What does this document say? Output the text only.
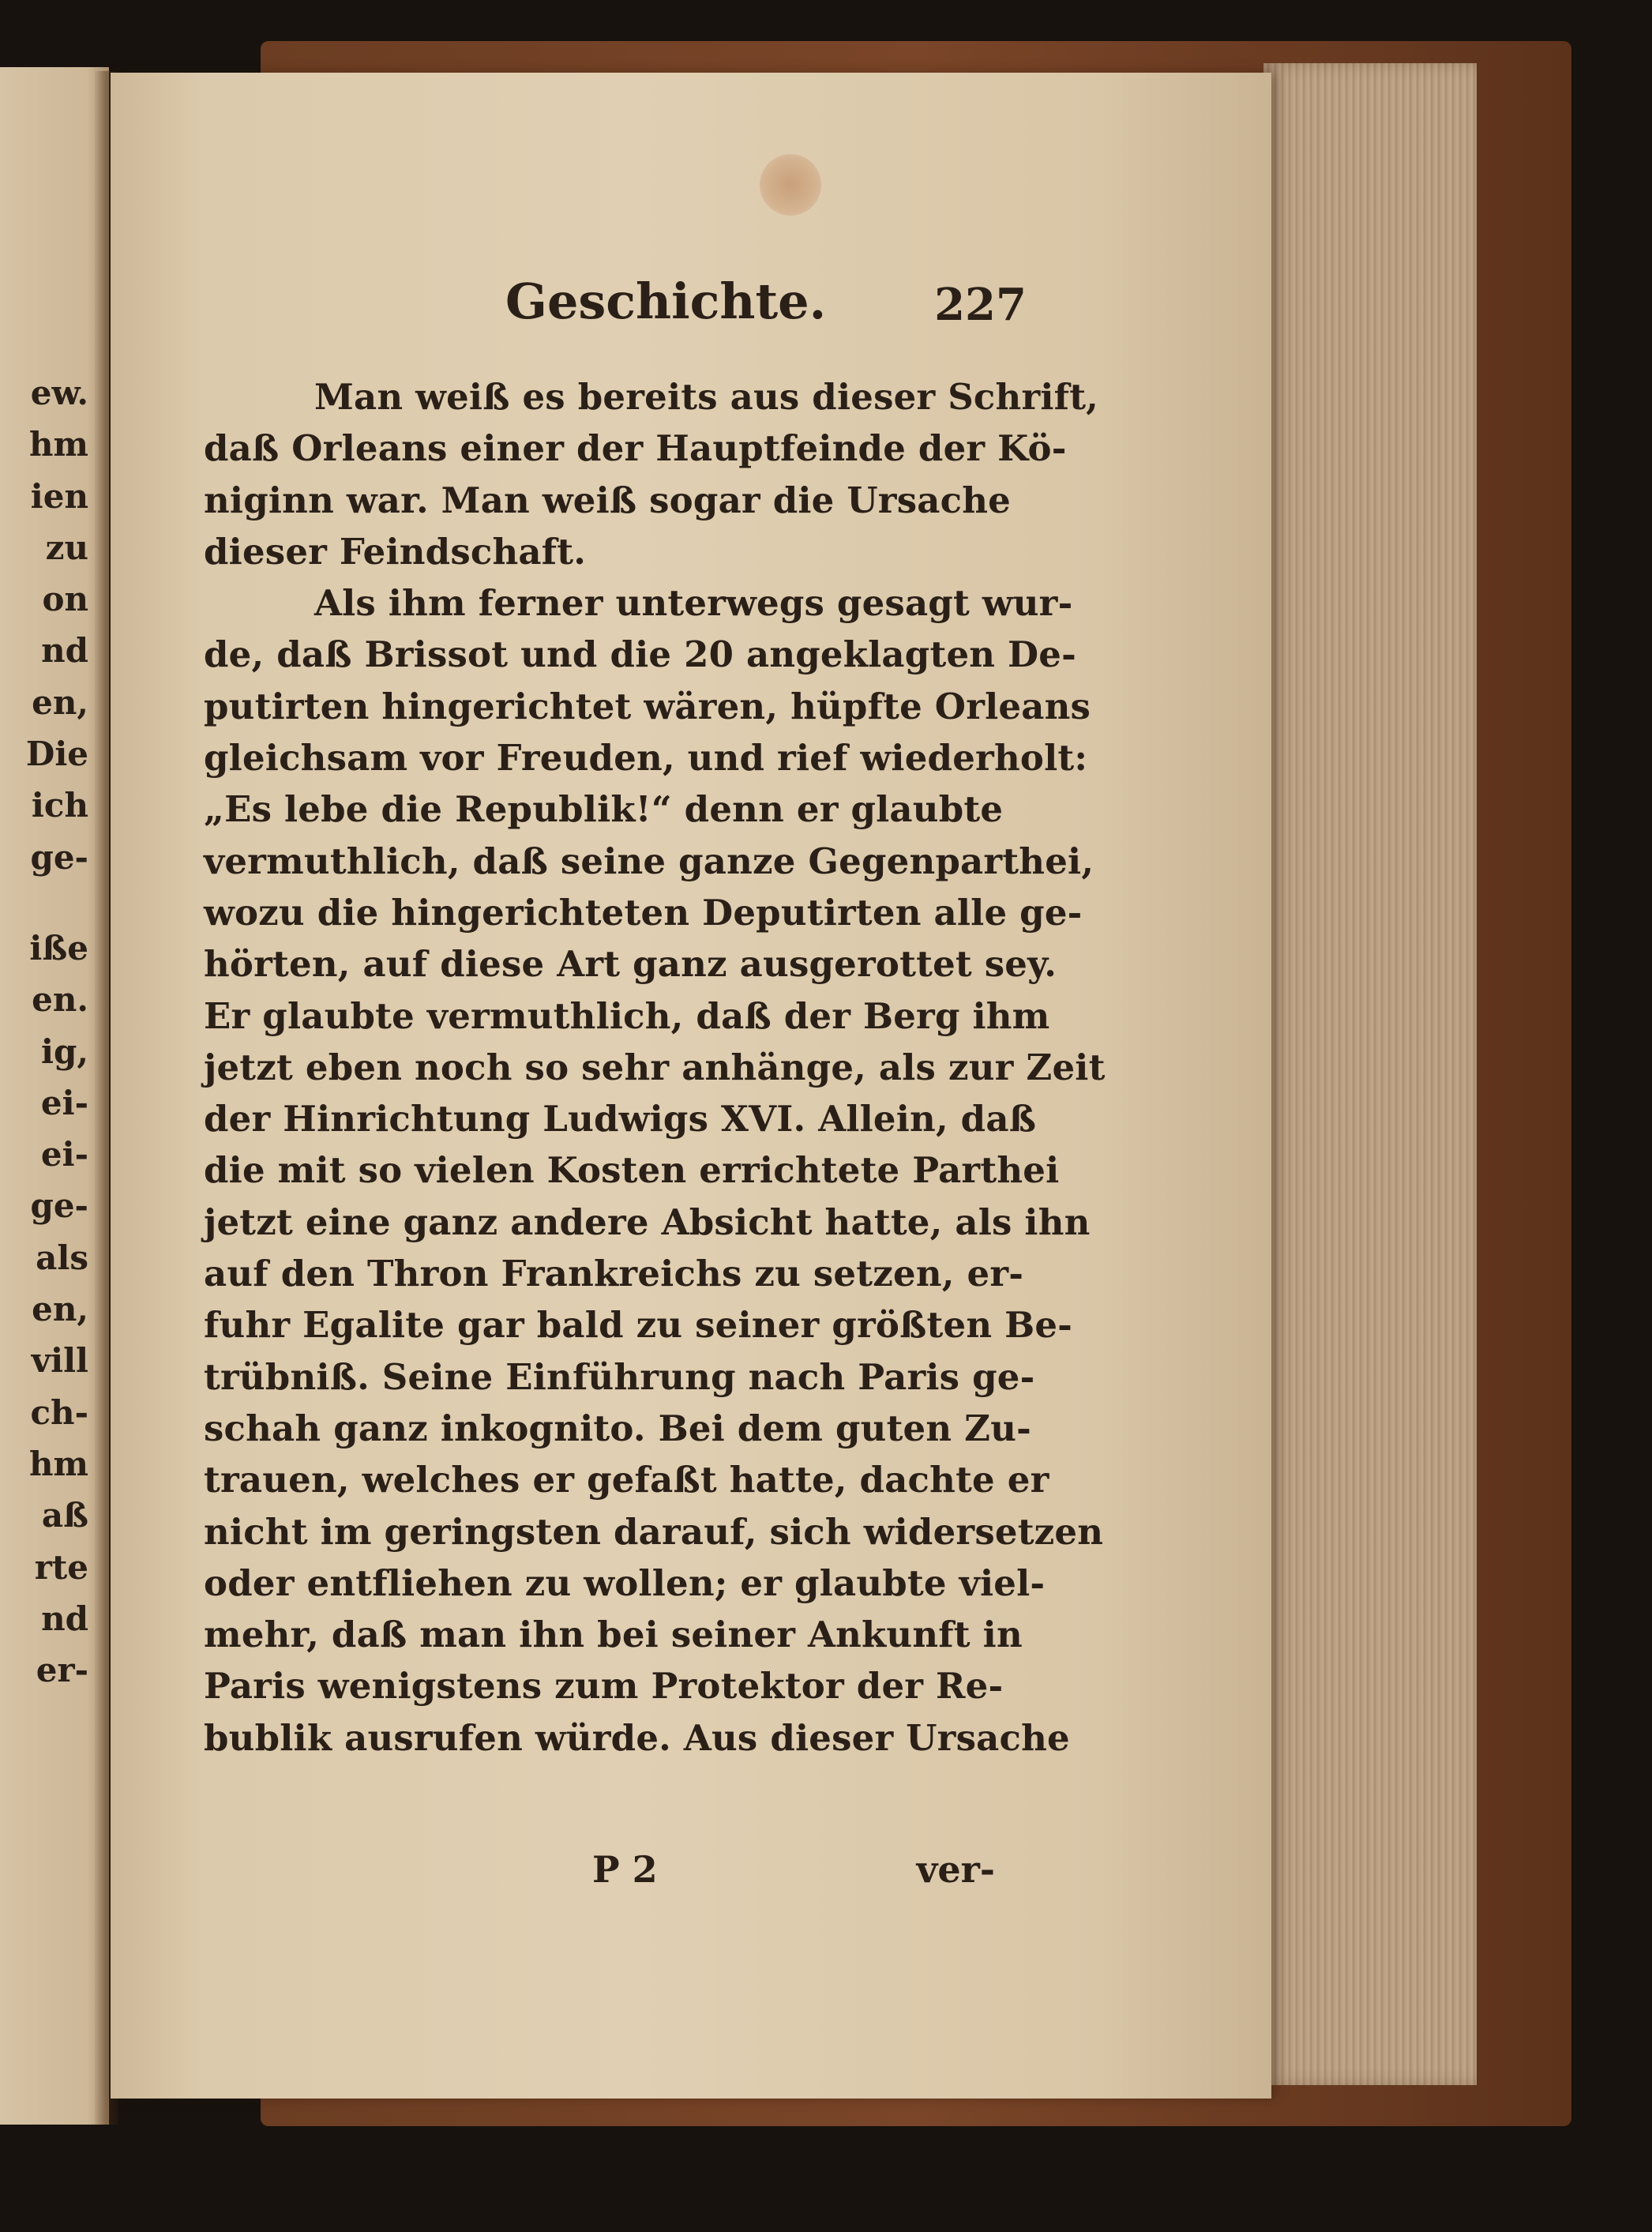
ew.
hm
ien
zu
on
nd
en,
Die
ich
ge-
iße
en.
ig,
ei-
ei-
ge-
als
en,
vill
ch-
hm
aß
rte
nd
er-
Geschichte. 227
Man weiß es bereits aus dieser Schrift,
daß Orleans einer der Hauptfeinde der Kö-
niginn war. Man weiß sogar die Ursache
dieser Feindschaft.
Als ihm ferner unterwegs gesagt wur-
de, daß Brissot und die 20 angeklagten De-
putirten hingerichtet wären, hüpfte Orleans
gleichsam vor Freuden, und rief wiederholt:
„Es lebe die Republik!“ denn er glaubte
vermuthlich, daß seine ganze Gegenparthei,
wozu die hingerichteten Deputirten alle ge-
hörten, auf diese Art ganz ausgerottet sey.
Er glaubte vermuthlich, daß der Berg ihm
jetzt eben noch so sehr anhänge, als zur Zeit
der Hinrichtung Ludwigs XVI. Allein, daß
die mit so vielen Kosten errichtete Parthei
jetzt eine ganz andere Absicht hatte, als ihn
auf den Thron Frankreichs zu setzen, er-
fuhr Egalite gar bald zu seiner größten Be-
trübniß. Seine Einführung nach Paris ge-
schah ganz inkognito. Bei dem guten Zu-
trauen, welches er gefaßt hatte, dachte er
nicht im geringsten darauf, sich widersetzen
oder entfliehen zu wollen; er glaubte viel-
mehr, daß man ihn bei seiner Ankunft in
Paris wenigstens zum Protektor der Re-
bublik ausrufen würde. Aus dieser Ursache
P 2	ver-
